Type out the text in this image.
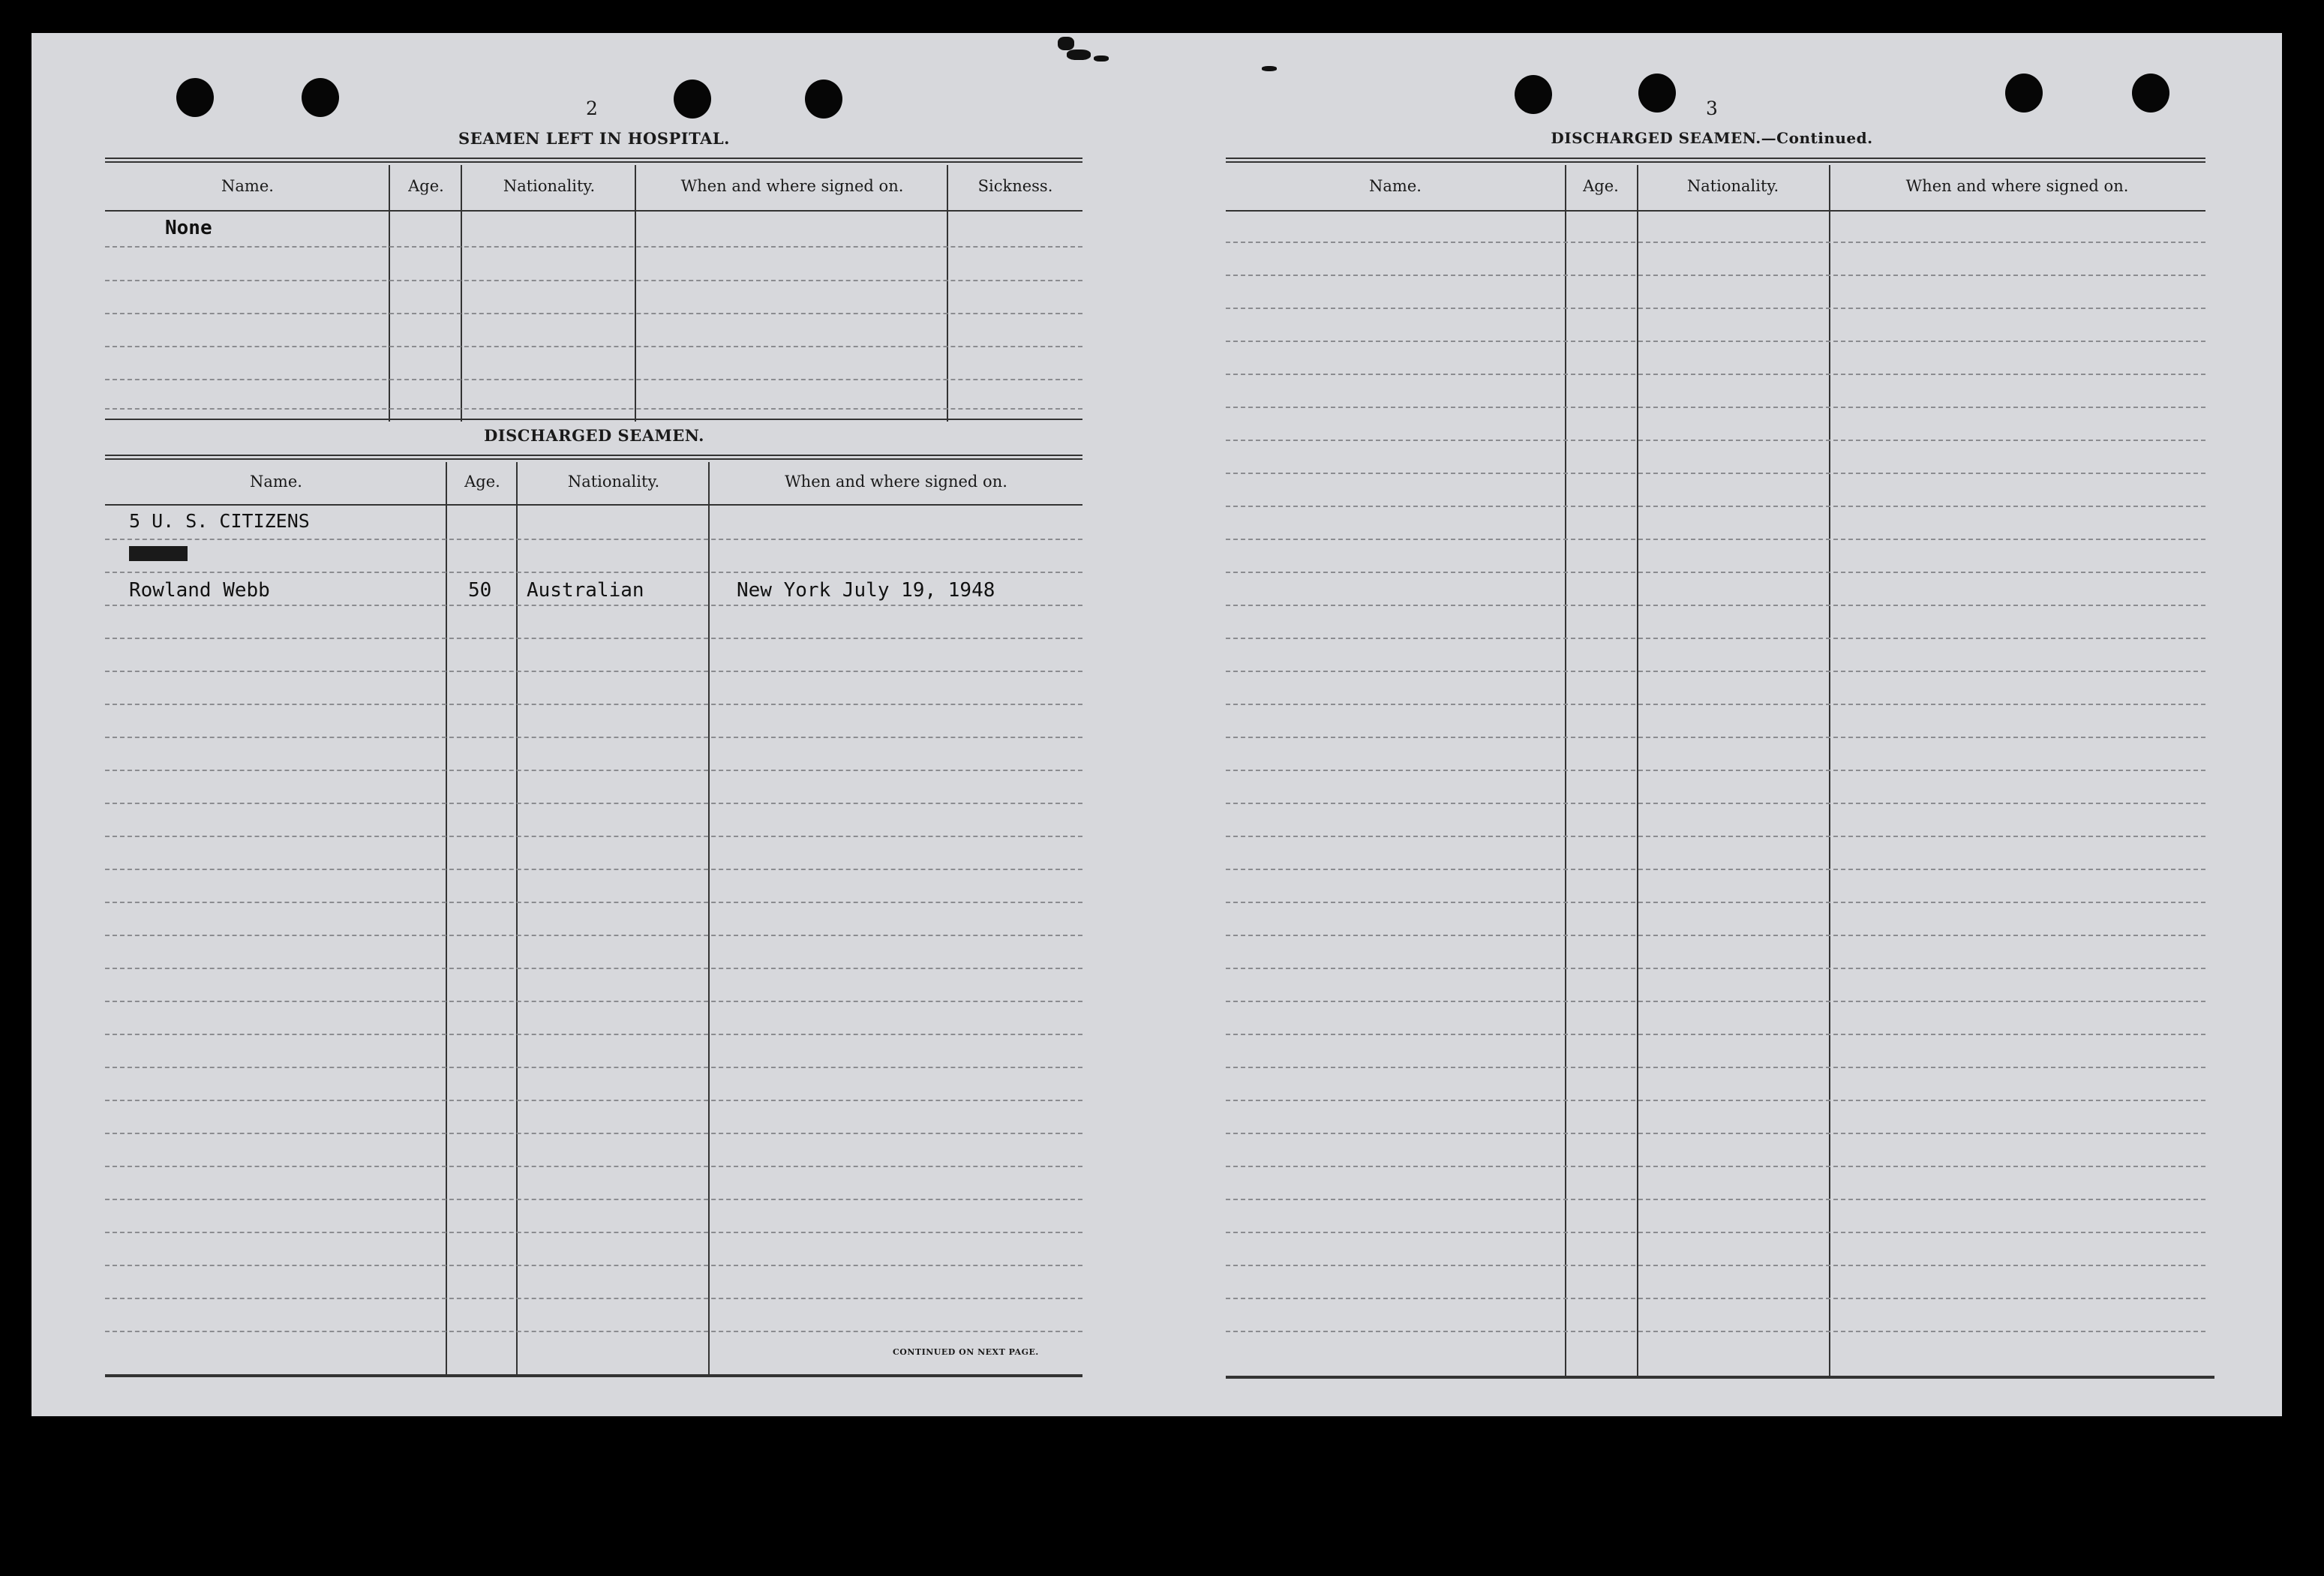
2
SEAMEN LEFT IN HOSPITAL.
Name.	Age.	Nationality.	When and where signed on.	Sickness.
None
DISCHARGED SEAMEN.
Name.	Age.	Nationality.	When and where signed on.
CONTINUED ON NEXT PAGE.
5 U. S. CITIZENS
Rowland Webb	50 Australian	New York July 19, 1948
3
DISCHARGED SEAMEN.—Continued.
Name.	Age.	Nationality.	When and where signed on.
